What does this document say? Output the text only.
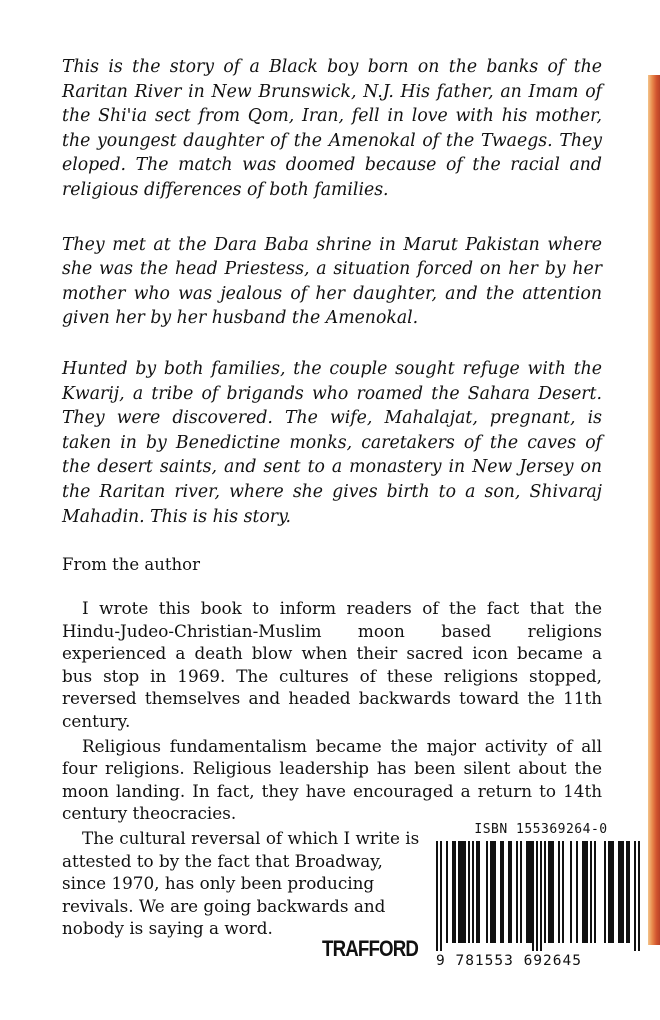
This is the story of a Black boy born on the banks of the Raritan River in New Brunswick, N.J. His father, an Imam of the Shi'ia sect from Qom, Iran, fell in love with his mother, the youngest daughter of the Amenokal of the Twaegs. They eloped. The match was doomed because of the racial and religious differences of both families.

They met at the Dara Baba shrine in Marut Pakistan where she was the head Priestess, a situation forced on her by her mother who was jealous of her daughter, and the attention given her by her husband the Amenokal.

Hunted by both families, the couple sought refuge with the Kwarij, a tribe of brigands who roamed the Sahara Desert. They were discovered. The wife, Mahalajat, pregnant, is taken in by Benedictine monks, caretakers of the caves of the desert saints, and sent to a monastery in New Jersey on the Raritan river, where she gives birth to a son, Shivaraj Mahadin. This is his story.

From the author

I wrote this book to inform readers of the fact that the Hindu-Judeo-Christian-Muslim moon based religions experienced a death blow when their sacred icon became a bus stop in 1969. The cultures of these religions stopped, reversed themselves and headed backwards toward the 11th century.

Religious fundamentalism became the major activity of all four religions. Religious leadership has been silent about the moon landing. In fact, they have encouraged a return to 14th century theocracies.

The cultural reversal of which I write is attested to by the fact that Broadway, since 1970, has only been producing revivals. We are going backwards and nobody is saying a word.

ISBN 155369264-0
9 781553 692645
TRAFFORD
